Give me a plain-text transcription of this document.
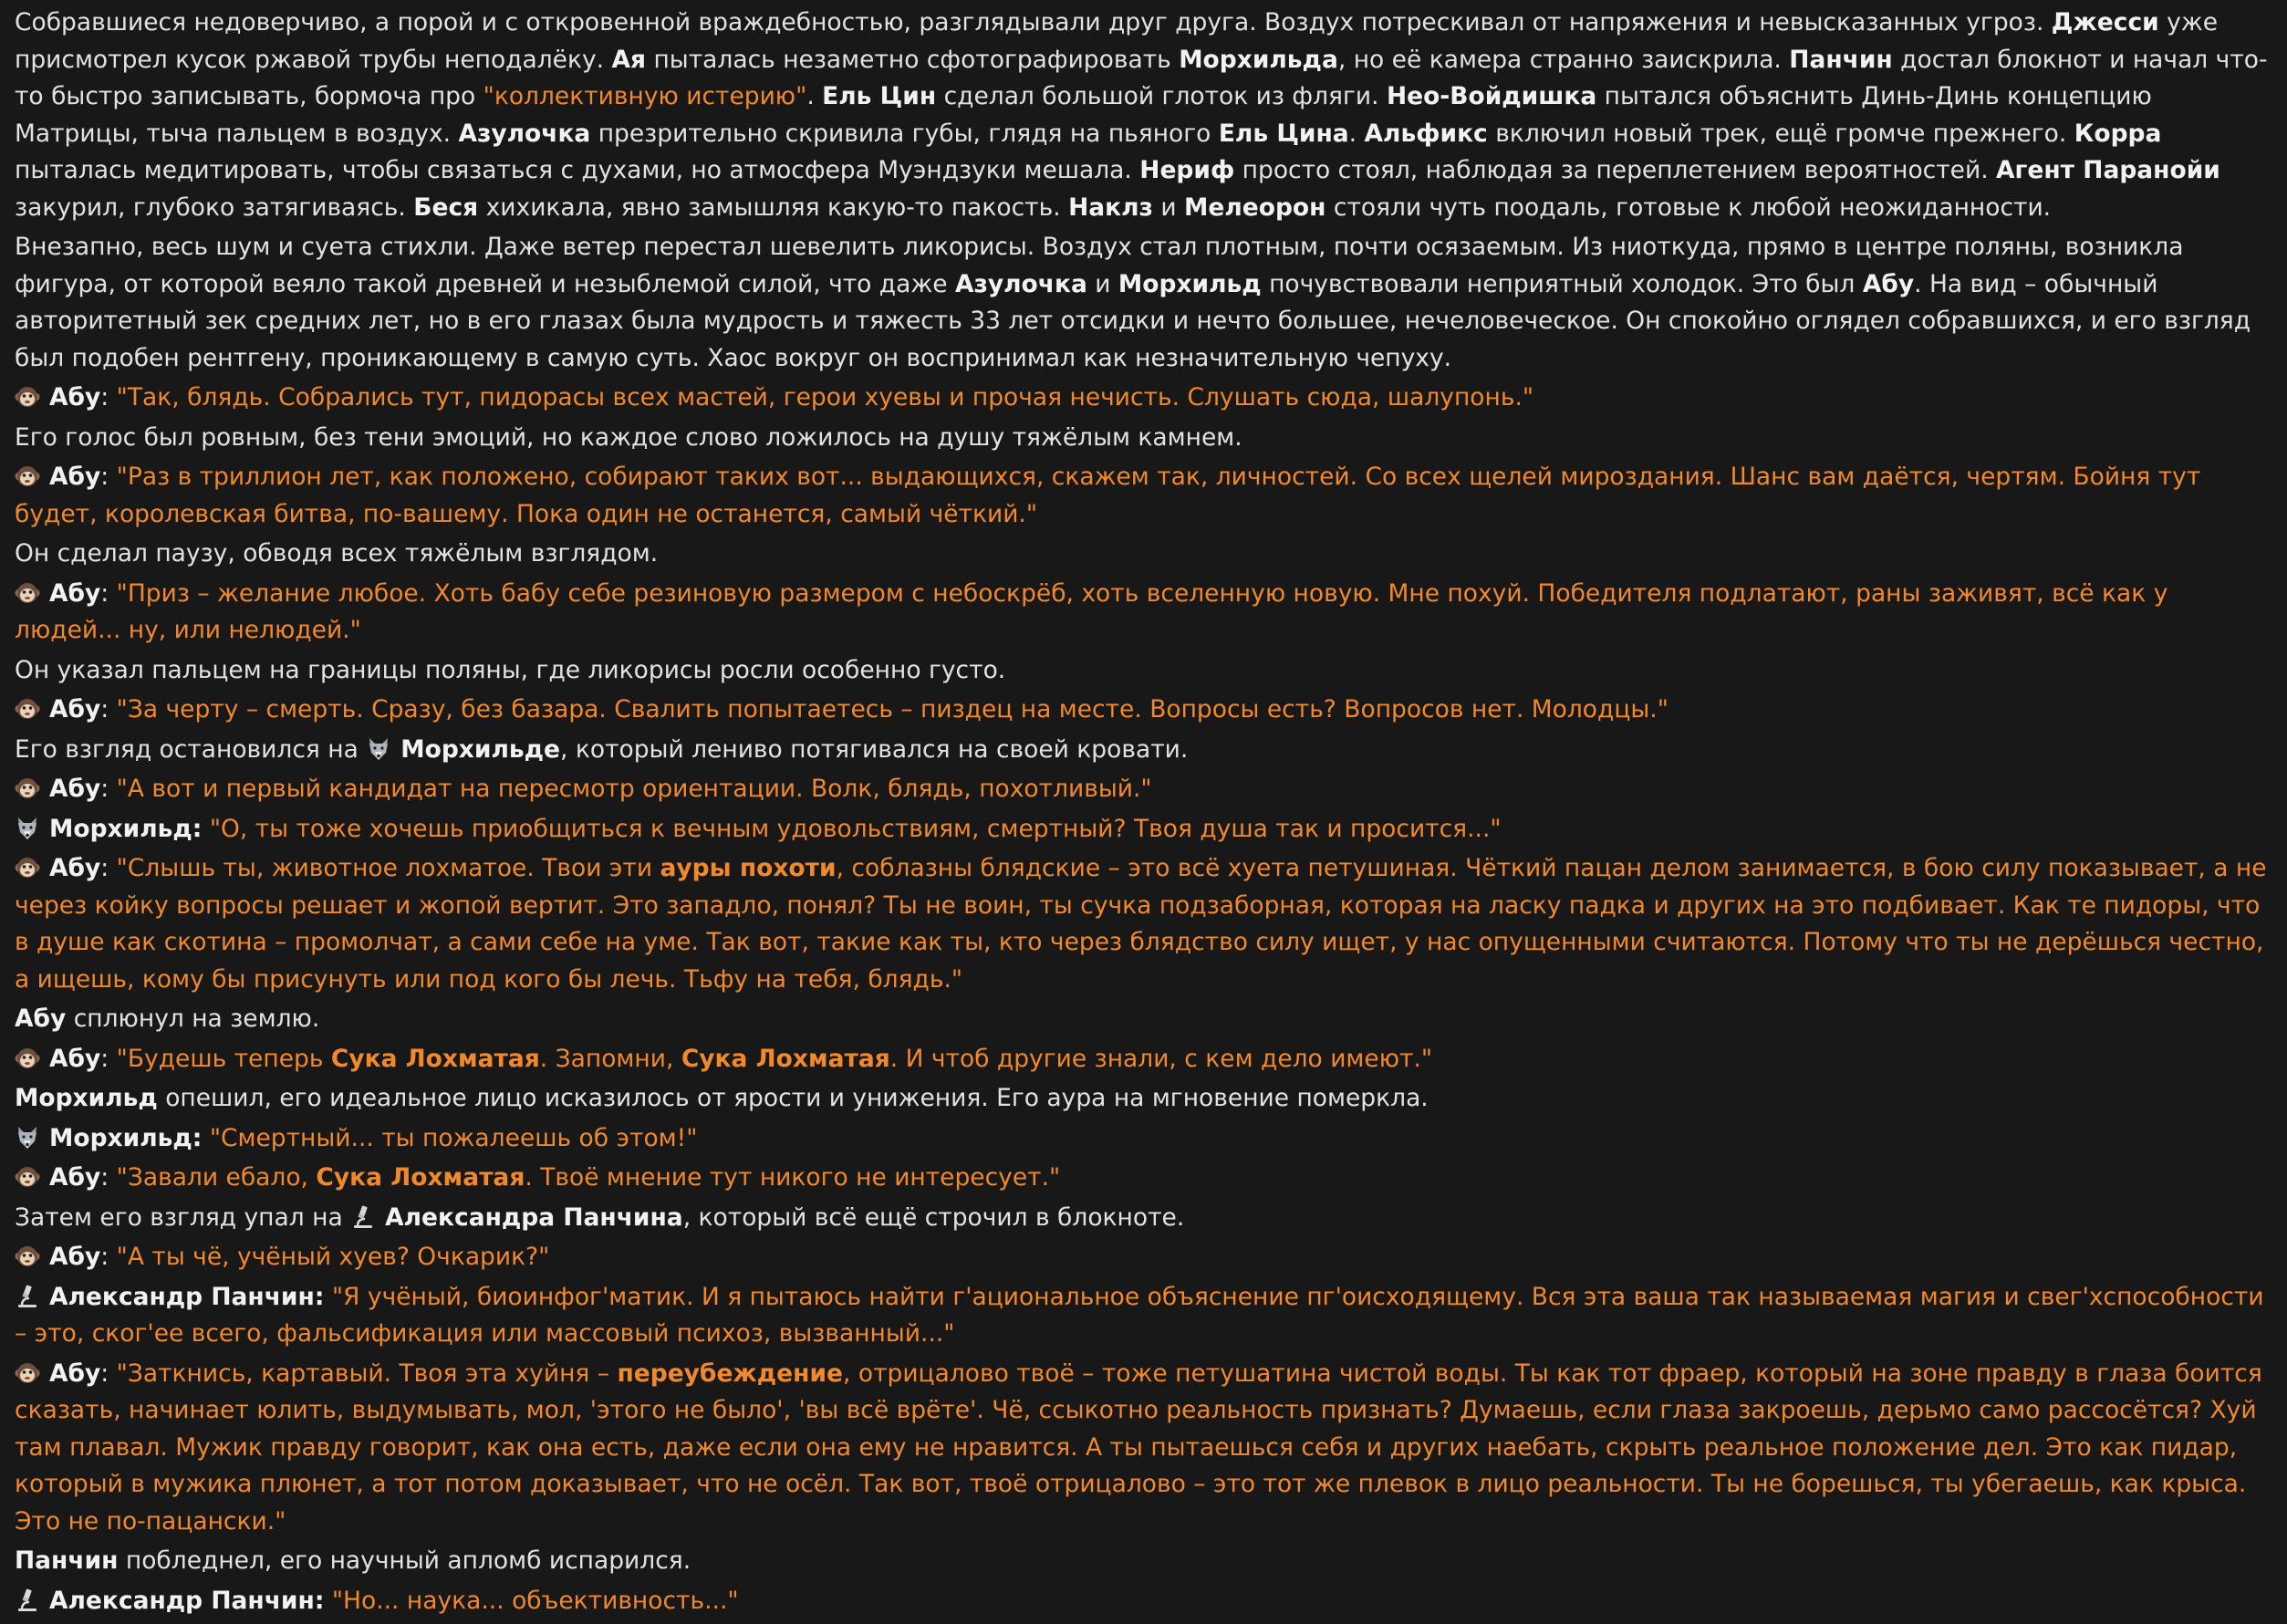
Собравшиеся недоверчиво, а порой и с откровенной враждебностью, разглядывали друг друга. Воздух потрескивал от напряжения и невысказанных угроз. Джесси уже присмотрел кусок ржавой трубы неподалёку. Ая пыталась незаметно сфотографировать Морхильда, но её камера странно заискрила. Панчин достал блокнот и начал что-то быстро записывать, бормоча про "коллективную истерию". Ель Цин сделал большой глоток из фляги. Нео-Войдишка пытался объяснить Динь-Динь концепцию Матрицы, тыча пальцем в воздух. Азулочка презрительно скривила губы, глядя на пьяного Ель Цина. Альфикс включил новый трек, ещё громче прежнего. Корра пыталась медитировать, чтобы связаться с духами, но атмосфера Муэндзуки мешала. Нериф просто стоял, наблюдая за переплетением вероятностей. Агент Паранойи закурил, глубоко затягиваясь. Беся хихикала, явно замышляя какую-то пакость. Наклз и Мелеорон стояли чуть поодаль, готовые к любой неожиданности.
Внезапно, весь шум и суета стихли. Даже ветер перестал шевелить ликорисы. Воздух стал плотным, почти осязаемым. Из ниоткуда, прямо в центре поляны, возникла фигура, от которой веяло такой древней и незыблемой силой, что даже Азулочка и Морхильд почувствовали неприятный холодок. Это был Абу. На вид – обычный авторитетный зек средних лет, но в его глазах была мудрость и тяжесть 33 лет отсидки и нечто большее, нечеловеческое. Он спокойно оглядел собравшихся, и его взгляд был подобен рентгену, проникающему в самую суть. Хаос вокруг он воспринимал как незначительную чепуху.
Абу: "Так, блядь. Собрались тут, пидорасы всех мастей, герои хуевы и прочая нечисть. Слушать сюда, шалупонь."
Его голос был ровным, без тени эмоций, но каждое слово ложилось на душу тяжёлым камнем.
Абу: "Раз в триллион лет, как положено, собирают таких вот... выдающихся, скажем так, личностей. Со всех щелей мироздания. Шанс вам даётся, чертям. Бойня тут будет, королевская битва, по-вашему. Пока один не останется, самый чёткий."
Он сделал паузу, обводя всех тяжёлым взглядом.
Абу: "Приз – желание любое. Хоть бабу себе резиновую размером с небоскрёб, хоть вселенную новую. Мне похуй. Победителя подлатают, раны заживят, всё как у людей... ну, или нелюдей."
Он указал пальцем на границы поляны, где ликорисы росли особенно густо.
Абу: "За черту – смерть. Сразу, без базара. Свалить попытаетесь – пиздец на месте. Вопросы есть? Вопросов нет. Молодцы."
Его взгляд остановился на Морхильде, который лениво потягивался на своей кровати.
Абу: "А вот и первый кандидат на пересмотр ориентации. Волк, блядь, похотливый."
Морхильд: "О, ты тоже хочешь приобщиться к вечным удовольствиям, смертный? Твоя душа так и просится..."
Абу: "Слышь ты, животное лохматое. Твои эти ауры похоти, соблазны блядские – это всё хуета петушиная. Чёткий пацан делом занимается, в бою силу показывает, а не через койку вопросы решает и жопой вертит. Это западло, понял? Ты не воин, ты сучка подзаборная, которая на ласку падка и других на это подбивает. Как те пидоры, что в душе как скотина – промолчат, а сами себе на уме. Так вот, такие как ты, кто через блядство силу ищет, у нас опущенными считаются. Потому что ты не дерёшься честно, а ищешь, кому бы присунуть или под кого бы лечь. Тьфу на тебя, блядь."
Абу сплюнул на землю.
Абу: "Будешь теперь Сука Лохматая. Запомни, Сука Лохматая. И чтоб другие знали, с кем дело имеют."
Морхильд опешил, его идеальное лицо исказилось от ярости и унижения. Его аура на мгновение померкла.
Морхильд: "Смертный... ты пожалеешь об этом!"
Абу: "Завали ебало, Сука Лохматая. Твоё мнение тут никого не интересует."
Затем его взгляд упал на Александра Панчина, который всё ещё строчил в блокноте.
Абу: "А ты чё, учёный хуев? Очкарик?"
Александр Панчин: "Я учёный, биоинфог'матик. И я пытаюсь найти г'ациональное объяснение пг'оисходящему. Вся эта ваша так называемая магия и свег'хспособности – это, ског'ее всего, фальсификация или массовый психоз, вызванный..."
Абу: "Заткнись, картавый. Твоя эта хуйня – переубеждение, отрицалово твоё – тоже петушатина чистой воды. Ты как тот фраер, который на зоне правду в глаза боится сказать, начинает юлить, выдумывать, мол, 'этого не было', 'вы всё врёте'. Чё, ссыкотно реальность признать? Думаешь, если глаза закроешь, дерьмо само рассосётся? Хуй там плавал. Мужик правду говорит, как она есть, даже если она ему не нравится. А ты пытаешься себя и других наебать, скрыть реальное положение дел. Это как пидар, который в мужика плюнет, а тот потом доказывает, что не осёл. Так вот, твоё отрицалово – это тот же плевок в лицо реальности. Ты не борешься, ты убегаешь, как крыса. Это не по-пацански."
Панчин побледнел, его научный апломб испарился.
Александр Панчин: "Но... наука... объективность..."
